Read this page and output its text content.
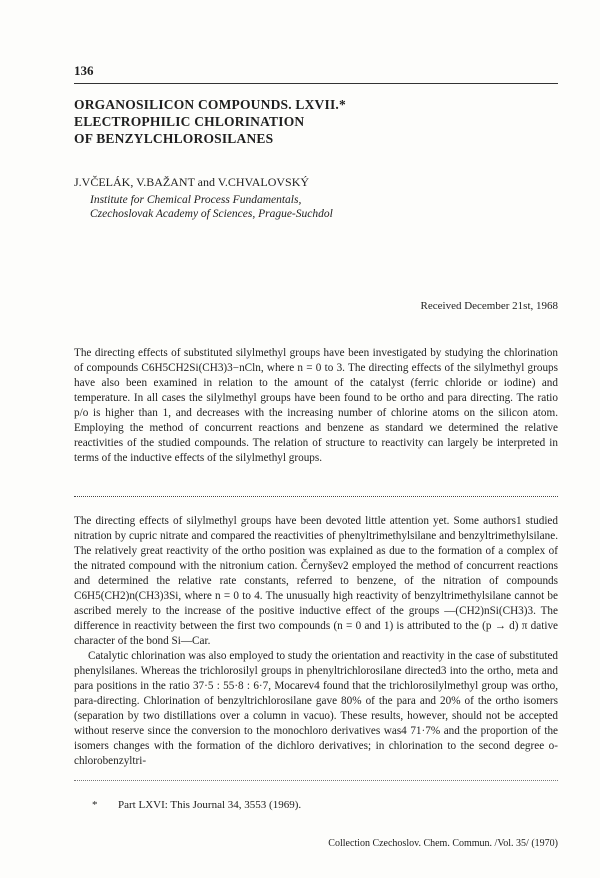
136
ORGANOSILICON COMPOUNDS. LXVII.*
ELECTROPHILIC CHLORINATION
OF BENZYLCHLOROSILANES
J.VČELÁK, V.BAŽANT and V.CHVALOVSKÝ
Institute for Chemical Process Fundamentals,
Czechoslovak Academy of Sciences, Prague-Suchdol
Received December 21st, 1968
The directing effects of substituted silylmethyl groups have been investigated by studying the chlorination of compounds C6H5CH2Si(CH3)3−nCln, where n = 0 to 3. The directing effects of the silylmethyl groups have also been examined in relation to the amount of the catalyst (ferric chloride or iodine) and temperature. In all cases the silylmethyl groups have been found to be ortho and para directing. The ratio p/o is higher than 1, and decreases with the increasing number of chlorine atoms on the silicon atom. Employing the method of concurrent reactions and benzene as standard we determined the relative reactivities of the studied compounds. The relation of structure to reactivity can largely be interpreted in terms of the inductive effects of the silylmethyl groups.

The directing effects of silylmethyl groups have been devoted little attention yet. Some authors1 studied nitration by cupric nitrate and compared the reactivities of phenyltrimethylsilane and benzyltrimethylsilane. The relatively great reactivity of the ortho position was explained as due to the formation of a complex of the nitrated compound with the nitronium cation. Černyšev2 employed the method of concurrent reactions and determined the relative rate constants, referred to benzene, of the nitration of compounds C6H5(CH2)n(CH3)3Si, where n = 0 to 4. The unusually high reactivity of benzyltrimethylsilane cannot be ascribed merely to the increase of the positive inductive effect of the groups —(CH2)nSi(CH3)3. The difference in reactivity between the first two compounds (n = 0 and 1) is attributed to the (p → d) π dative character of the bond Si—Car.

Catalytic chlorination was also employed to study the orientation and reactivity in the case of substituted phenylsilanes. Whereas the trichlorosilyl groups in phenyltrichlorosilane directed3 into the ortho, meta and para positions in the ratio 37·5 : 55·8 : 6·7, Mocarev4 found that the trichlorosilylmethyl group was ortho, para-directing. Chlorination of benzyltrichlorosilane gave 80% of the para and 20% of the ortho isomers (separation by two distillations over a column in vacuo). These results, however, should not be accepted without reserve since the conversion to the monochloro derivatives was4 71·7% and the proportion of the isomers changes with the formation of the dichloro derivatives; in chlorination to the second degree o-chlorobenzyltri-

* Part LXVI: This Journal 34, 3553 (1969).
Collection Czechoslov. Chem. Commun. /Vol. 35/ (1970)
